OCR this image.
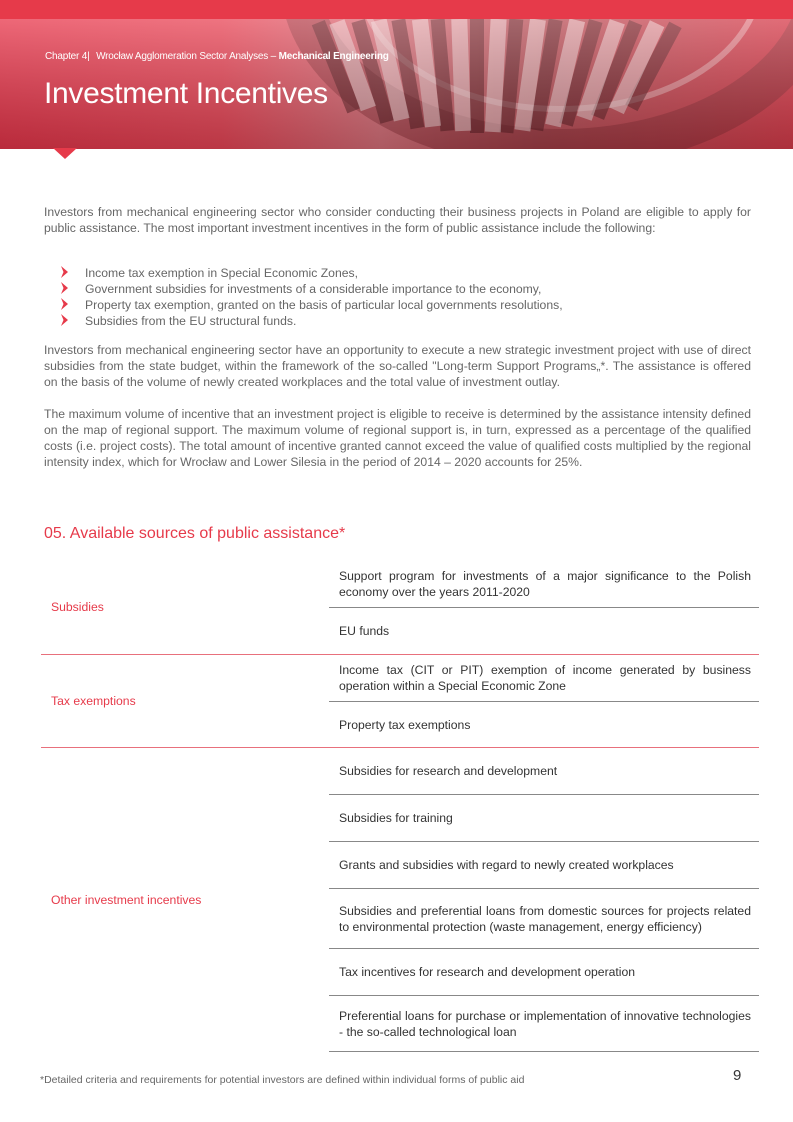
Chapter 4| Wrocław Agglomeration Sector Analyses – Mechanical Engineering
Investment Incentives

Investors from mechanical engineering sector who consider conducting their business projects in Poland are eligible to apply for public assistance. The most important investment incentives in the form of public assistance include the following:

Income tax exemption in Special Economic Zones,
Government subsidies for investments of a considerable importance to the economy,
Property tax exemption, granted on the basis of particular local governments resolutions,
Subsidies from the EU structural funds.

Investors from mechanical engineering sector have an opportunity to execute a new strategic investment project with use of direct subsidies from the state budget, within the framework of the so-called "Long-term Support Programs„*. The assistance is offered on the basis of the volume of newly created workplaces and the total value of investment outlay.

The maximum volume of incentive that an investment project is eligible to receive is determined by the assistance intensity defined on the map of regional support. The maximum volume of regional support is, in turn, expressed as a percentage of the qualified costs (i.e. project costs). The total amount of incentive granted cannot exceed the value of qualified costs multiplied by the regional intensity index, which for Wrocław and Lower Silesia in the period of 2014 – 2020 accounts for 25%.

05. Available sources of public assistance*
Subsidies
Support program for investments of a major significance to the Polish economy over the years 2011-2020
EU funds
Tax exemptions
Income tax (CIT or PIT) exemption of income generated by business operation within a Special Economic Zone
Property tax exemptions
Other investment incentives
Subsidies for research and development
Subsidies for training
Grants and subsidies with regard to newly created workplaces
Subsidies and preferential loans from domestic sources for projects related to environmental protection (waste management, energy efficiency)
Tax incentives for research and development operation
Preferential loans for purchase or implementation of innovative technologies - the so-called technological loan
*Detailed criteria and requirements for potential investors are defined within individual forms of public aid	9
